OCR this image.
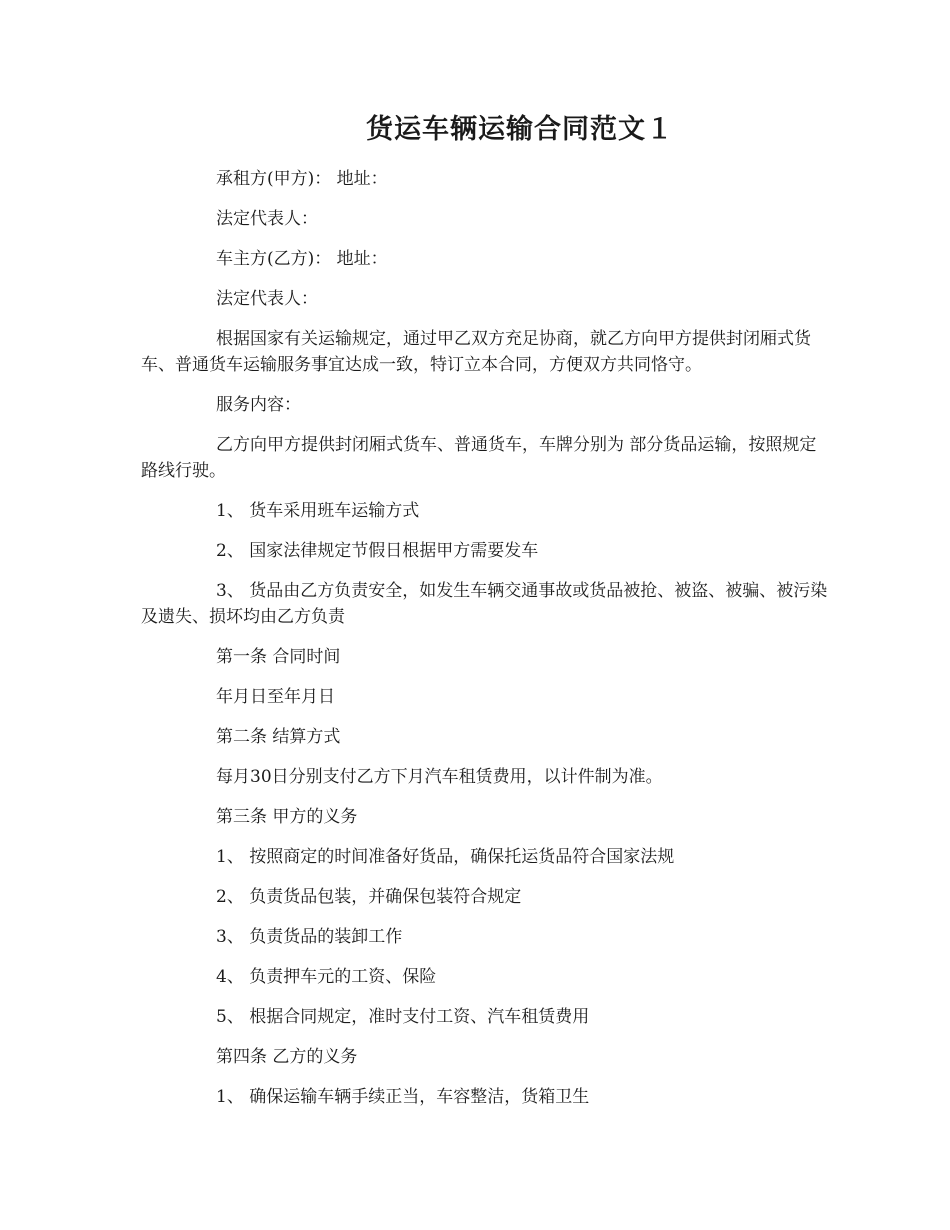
货运车辆运输合同范文１

承租方(甲方)： 地址：

法定代表人：

车主方(乙方)： 地址：

法定代表人：

根据国家有关运输规定，通过甲乙双方充足协商，就乙方向甲方提供封闭厢式货车、普通货车运输服务事宜达成一致，特订立本合同，方便双方共同恪守。

服务内容：

乙方向甲方提供封闭厢式货车、普通货车，车牌分别为 部分货品运输，按照规定路线行驶。

1、 货车采用班车运输方式

2、 国家法律规定节假日根据甲方需要发车

3、 货品由乙方负责安全，如发生车辆交通事故或货品被抢、被盗、被骗、被污染及遗失、损坏均由乙方负责

第一条 合同时间

年月日至年月日

第二条 结算方式

每月30日分别支付乙方下月汽车租赁费用，以计件制为准。

第三条 甲方的义务

1、 按照商定的时间准备好货品，确保托运货品符合国家法规

2、 负责货品包装，并确保包装符合规定

3、 负责货品的装卸工作

4、 负责押车元的工资、保险

5、 根据合同规定，准时支付工资、汽车租赁费用

第四条 乙方的义务

1、 确保运输车辆手续正当，车容整洁，货箱卫生
